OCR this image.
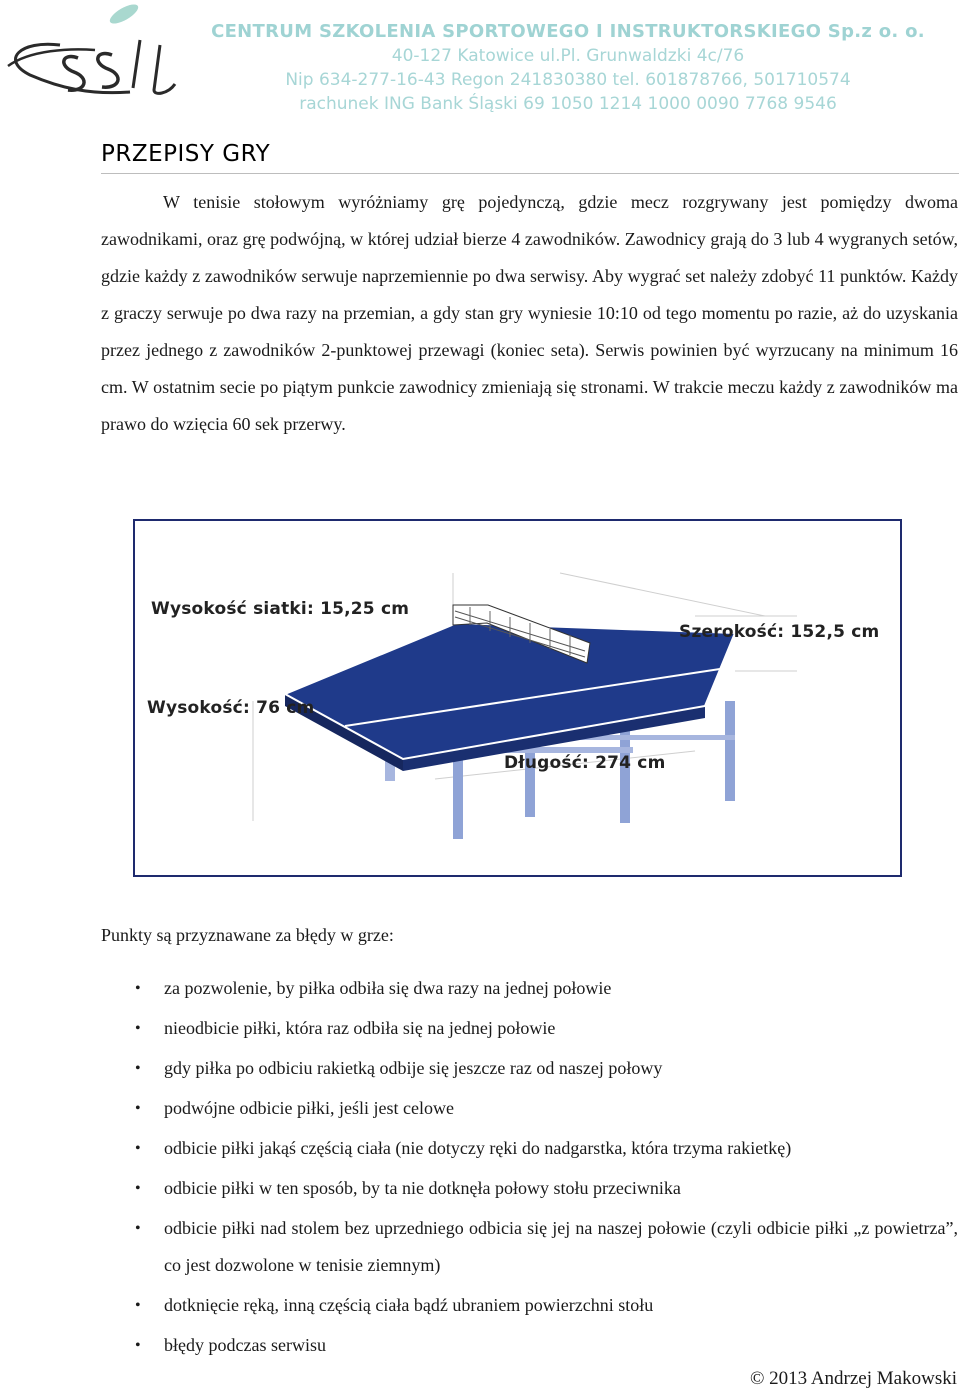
CENTRUM SZKOLENIA SPORTOWEGO I INSTRUKTORSKIEGO Sp.z o. o.
40-127 Katowice ul.Pl. Grunwaldzki 4c/76
Nip 634-277-16-43 Regon 241830380 tel. 601878766, 501710574
rachunek ING Bank Śląski 69 1050 1214 1000 0090 7768 9546
PRZEPISY GRY

W tenisie stołowym wyróżniamy grę pojedynczą, gdzie mecz rozgrywany jest pomiędzy dwoma zawodnikami, oraz grę podwójną, w której udział bierze 4 zawodników. Zawodnicy grają do 3 lub 4 wygranych setów, gdzie każdy z zawodników serwuje naprzemiennie po dwa serwisy. Aby wygrać set należy zdobyć 11 punktów. Każdy z graczy serwuje po dwa razy na przemian, a gdy stan gry wyniesie 10:10 od tego momentu po razie, aż do uzyskania przez jednego z zawodników 2-punktowej przewagi (koniec seta). Serwis powinien być wyrzucany na minimum 16 cm. W ostatnim secie po piątym punkcie zawodnicy zmieniają się stronami. W trakcie meczu każdy z zawodników ma prawo do wzięcia 60 sek przerwy.

Wysokość siatki: 15,25 cm
Szerokość: 152,5 cm
Wysokość: 76 cm
Długość: 274 cm

Punkty są przyznawane za błędy w grze:

• za pozwolenie, by piłka odbiła się dwa razy na jednej połowie
• nieodbicie piłki, która raz odbiła się na jednej połowie
• gdy piłka po odbiciu rakietką odbije się jeszcze raz od naszej połowy
• podwójne odbicie piłki, jeśli jest celowe
• odbicie piłki jakąś częścią ciała (nie dotyczy ręki do nadgarstka, która trzyma rakietkę)
• odbicie piłki w ten sposób, by ta nie dotknęła połowy stołu przeciwnika
• odbicie piłki nad stolem bez uprzedniego odbicia się jej na naszej połowie (czyli odbicie piłki „z powietrza”, co jest dozwolone w tenisie ziemnym)
• dotknięcie ręką, inną częścią ciała bądź ubraniem powierzchni stołu
• błędy podczas serwisu
© 2013 Andrzej Makowski
